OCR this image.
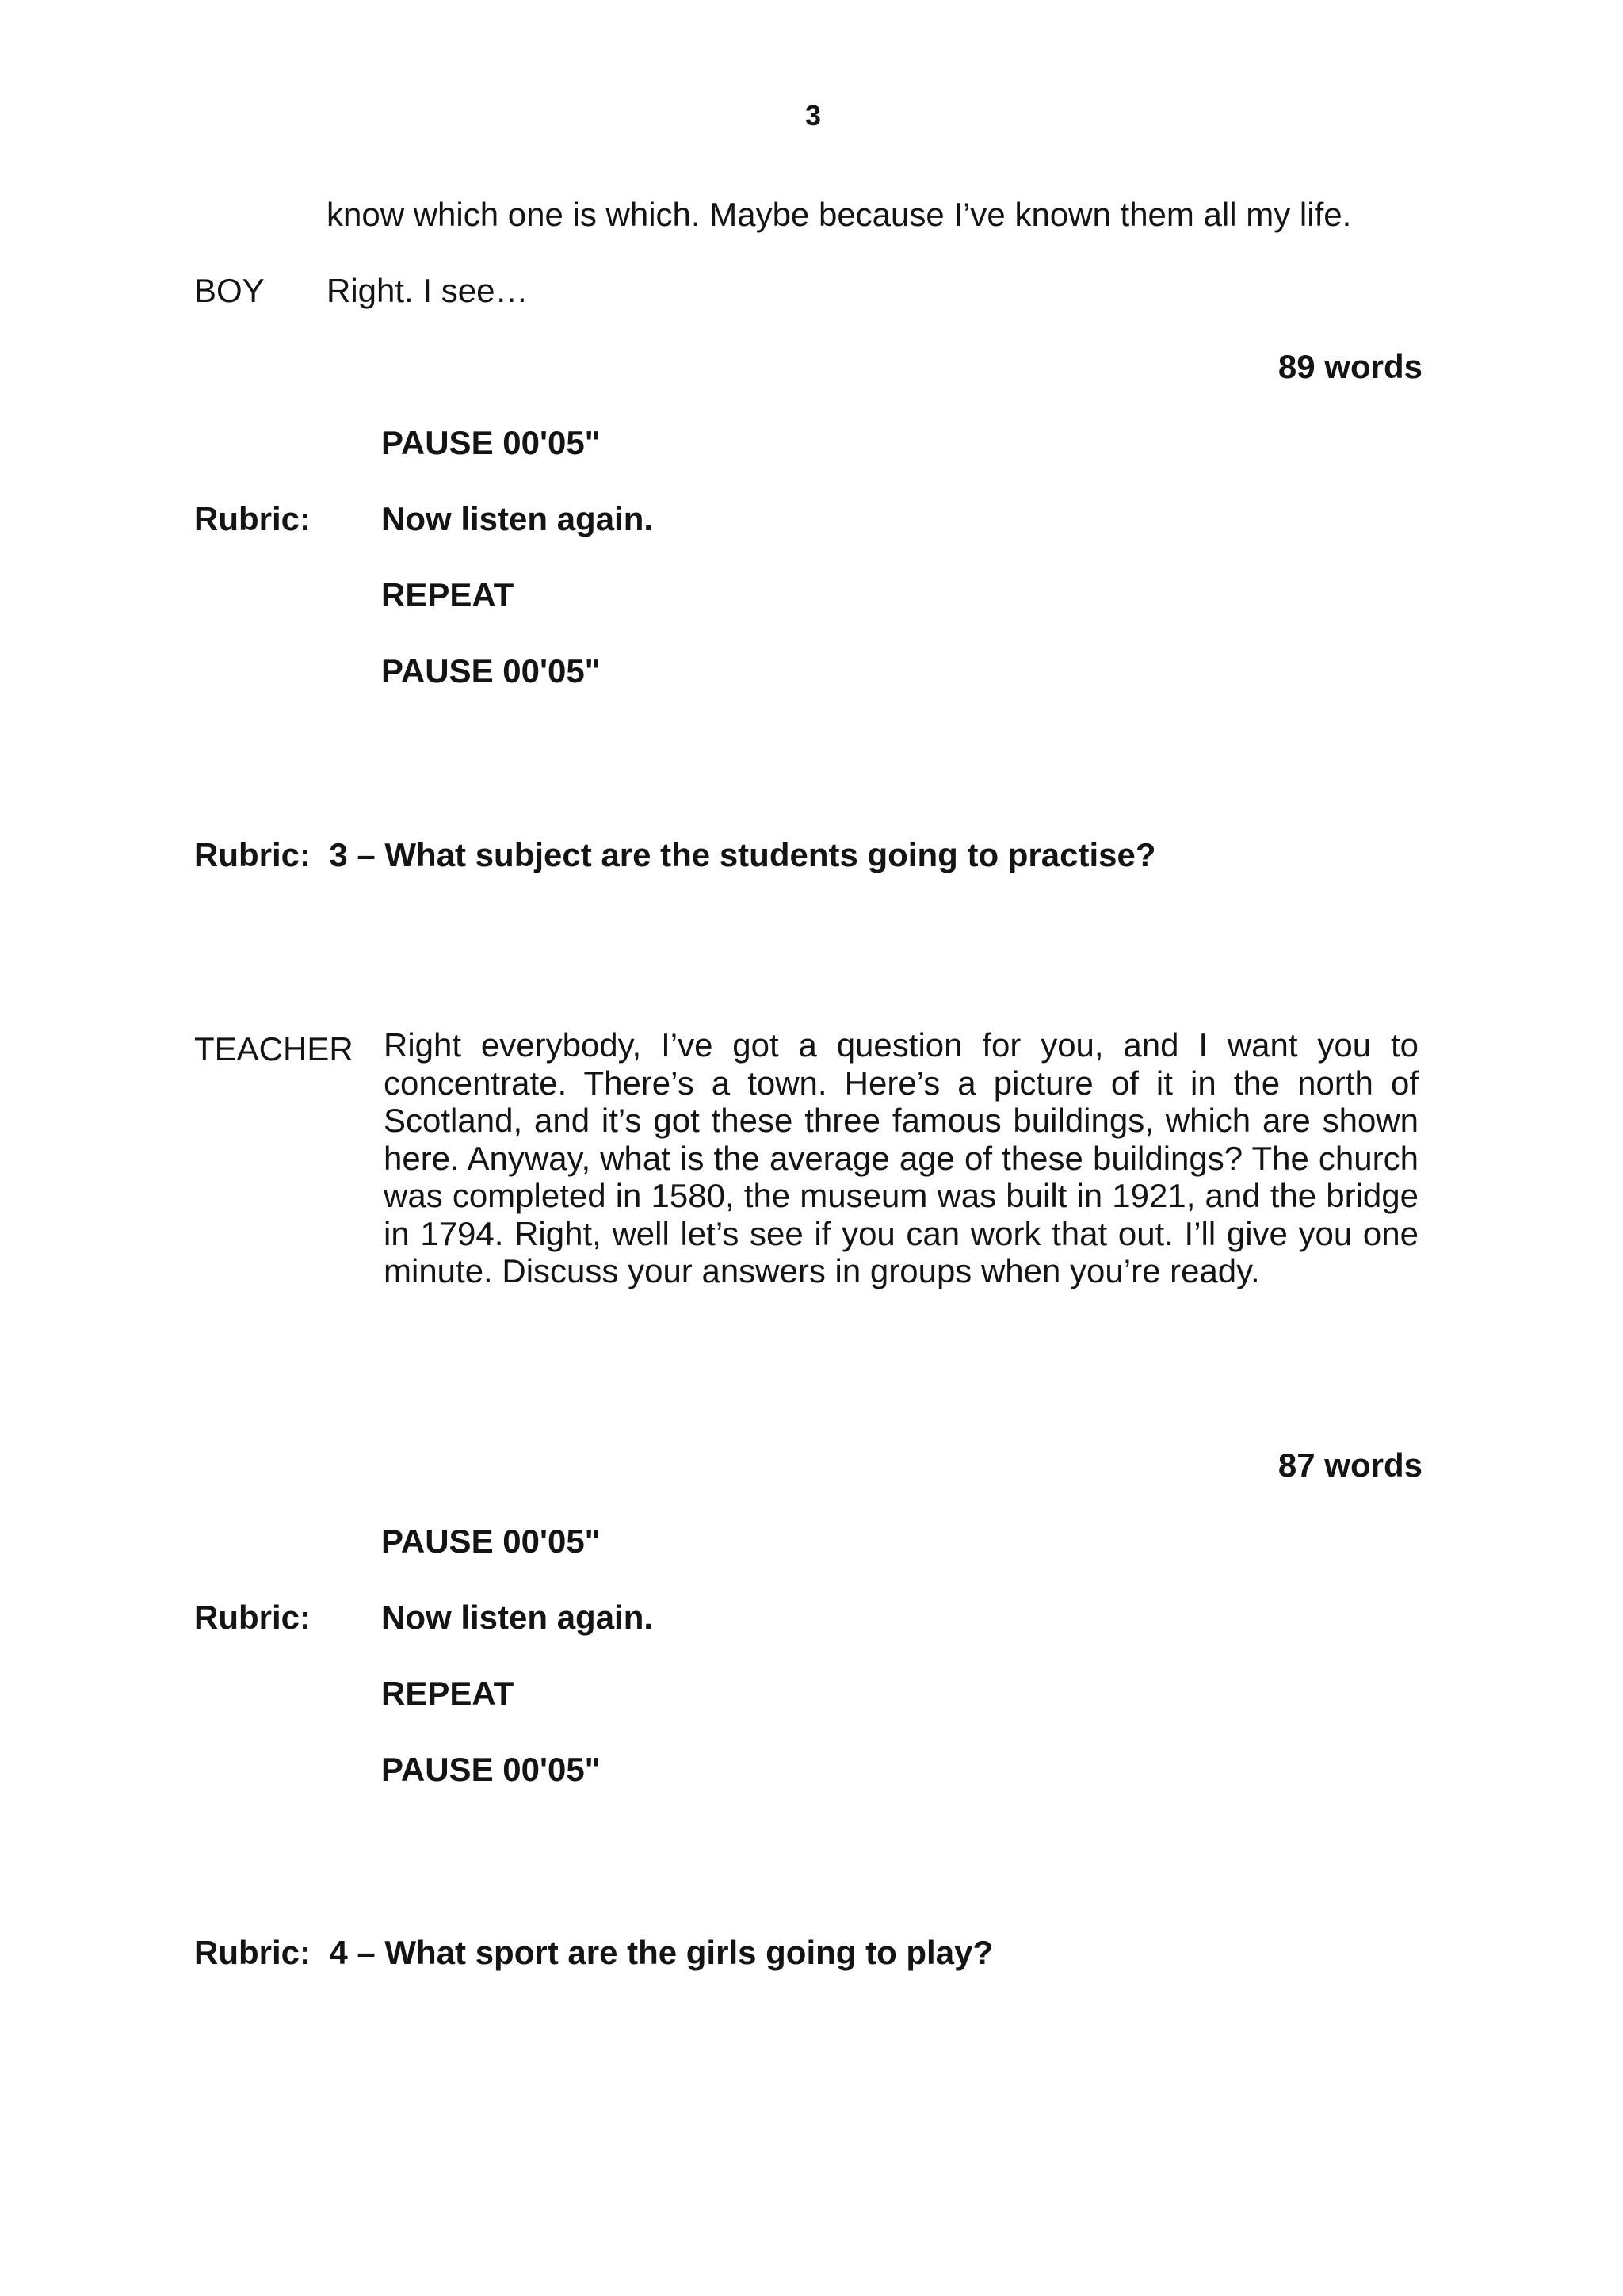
3
know which one is which. Maybe because I’ve known them all my life.
BOY Right. I see…
89 words
PAUSE 00'05"
Rubric: Now listen again.
REPEAT
PAUSE 00'05"
Rubric:  3 – What subject are the students going to practise?
TEACHER Right everybody, I’ve got a question for you, and I want you to concentrate. There’s a town. Here’s a picture of it in the north of Scotland, and it’s got these three famous buildings, which are shown here. Anyway, what is the average age of these buildings? The church was completed in 1580, the museum was built in 1921, and the bridge in 1794. Right, well let’s see if you can work that out. I’ll give you one minute. Discuss your answers in groups when you’re ready.
87 words
PAUSE 00'05"
Rubric: Now listen again.
REPEAT
PAUSE 00'05"
Rubric:  4 – What sport are the girls going to play?
